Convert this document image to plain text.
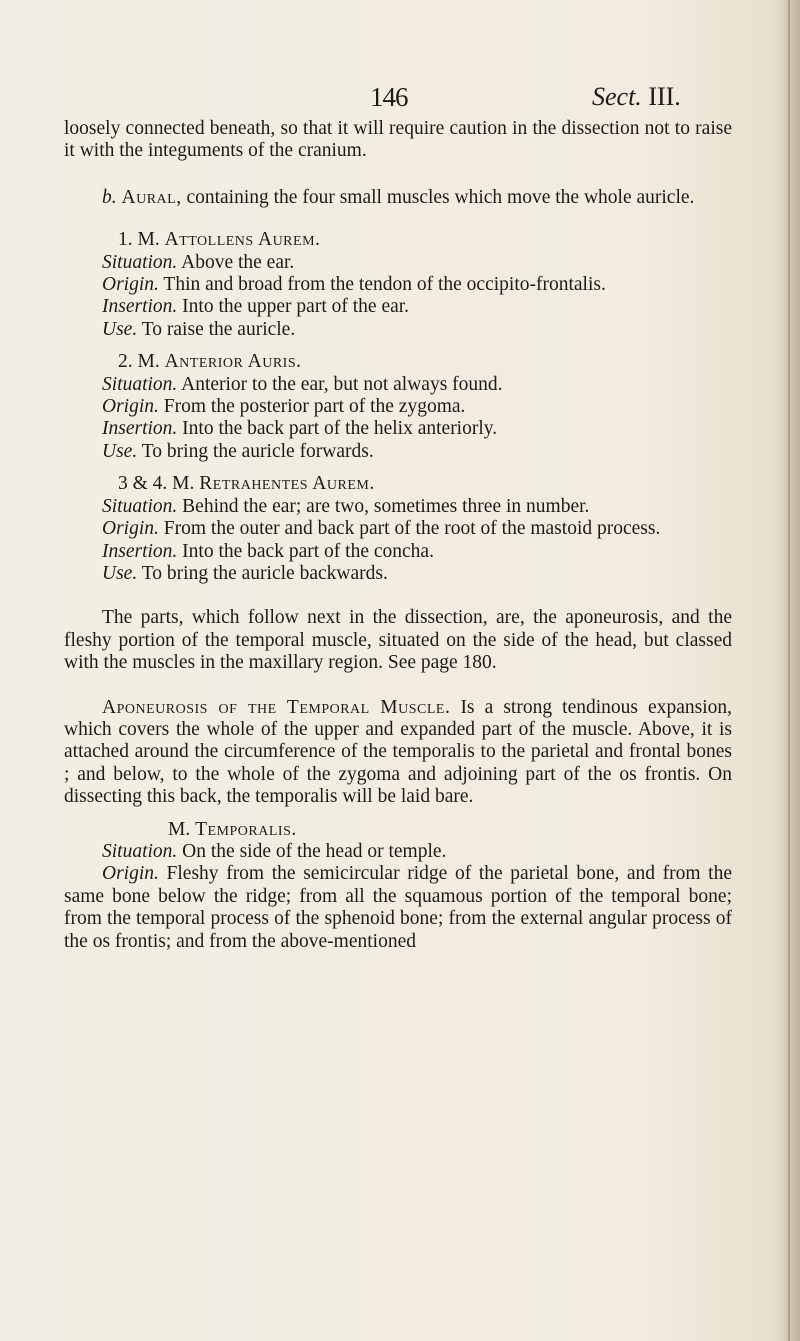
146	Sect. III.

loosely connected beneath, so that it will require caution in the dissection not to raise it with the integuments of the cranium.

b. Aural, containing the four small muscles which move the whole auricle.

1. M. Attollens Aurem.

Situation. Above the ear.

Origin. Thin and broad from the tendon of the occipito-frontalis.

Insertion. Into the upper part of the ear.

Use. To raise the auricle.

2. M. Anterior Auris.

Situation. Anterior to the ear, but not always found.

Origin. From the posterior part of the zygoma.

Insertion. Into the back part of the helix anteriorly.

Use. To bring the auricle forwards.

3 & 4. M. Retrahentes Aurem.

Situation. Behind the ear; are two, sometimes three in number.

Origin. From the outer and back part of the root of the mastoid process.

Insertion. Into the back part of the concha.

Use. To bring the auricle backwards.

The parts, which follow next in the dissection, are, the aponeurosis, and the fleshy portion of the temporal muscle, situated on the side of the head, but classed with the muscles in the maxillary region. See page 180.

Aponeurosis of the Temporal Muscle. Is a strong tendinous expansion, which covers the whole of the upper and expanded part of the muscle. Above, it is attached around the circumference of the temporalis to the parietal and frontal bones ; and below, to the whole of the zygoma and adjoining part of the os frontis. On dissecting this back, the temporalis will be laid bare.

M. Temporalis.

Situation. On the side of the head or temple.

Origin. Fleshy from the semicircular ridge of the parietal bone, and from the same bone below the ridge; from all the squamous portion of the temporal bone; from the temporal process of the sphenoid bone; from the external angular process of the os frontis; and from the above-mentioned
